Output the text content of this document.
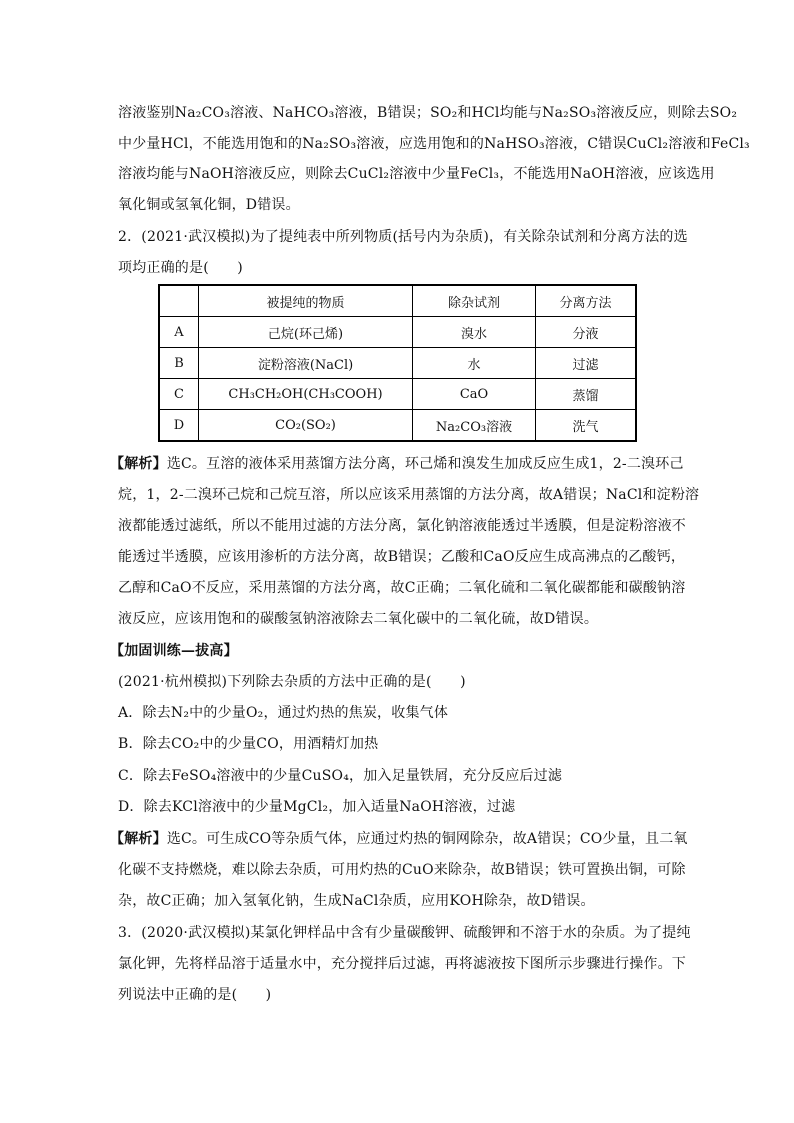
溶液鉴别Na₂CO₃溶液、NaHCO₃溶液，B错误；SO₂和HCl均能与Na₂SO₃溶液反应，则除去SO₂
中少量HCl，不能选用饱和的Na₂SO₃溶液，应选用饱和的NaHSO₃溶液，C错误CuCl₂溶液和FeCl₃
溶液均能与NaOH溶液反应，则除去CuCl₂溶液中少量FeCl₃，不能选用NaOH溶液，应该选用
氧化铜或氢氧化铜，D错误。
2．(2021·武汉模拟)为了提纯表中所列物质(括号内为杂质)，有关除杂试剂和分离方法的选
项均正确的是(　　)
	被提纯的物质	除杂试剂	分离方法
A	己烷(环己烯)	溴水	分液
B	淀粉溶液(NaCl)	水	过滤
C	CH₃CH₂OH(CH₃COOH)	CaO	蒸馏
D	CO₂(SO₂)	Na₂CO₃溶液	洗气
【解析】选C。互溶的液体采用蒸馏方法分离，环己烯和溴发生加成反应生成1，2-二溴环己
烷，1，2-二溴环己烷和己烷互溶，所以应该采用蒸馏的方法分离，故A错误；NaCl和淀粉溶
液都能透过滤纸，所以不能用过滤的方法分离，氯化钠溶液能透过半透膜，但是淀粉溶液不
能透过半透膜，应该用渗析的方法分离，故B错误；乙酸和CaO反应生成高沸点的乙酸钙，
乙醇和CaO不反应，采用蒸馏的方法分离，故C正确；二氧化硫和二氧化碳都能和碳酸钠溶
液反应，应该用饱和的碳酸氢钠溶液除去二氧化碳中的二氧化硫，故D错误。
【加固训练—拔高】
(2021·杭州模拟)下列除去杂质的方法中正确的是(　　)
A．除去N₂中的少量O₂，通过灼热的焦炭，收集气体
B．除去CO₂中的少量CO，用酒精灯加热
C．除去FeSO₄溶液中的少量CuSO₄，加入足量铁屑，充分反应后过滤
D．除去KCl溶液中的少量MgCl₂，加入适量NaOH溶液，过滤
【解析】选C。可生成CO等杂质气体，应通过灼热的铜网除杂，故A错误；CO少量，且二氧
化碳不支持燃烧，难以除去杂质，可用灼热的CuO来除杂，故B错误；铁可置换出铜，可除
杂，故C正确；加入氢氧化钠，生成NaCl杂质，应用KOH除杂，故D错误。
3．(2020·武汉模拟)某氯化钾样品中含有少量碳酸钾、硫酸钾和不溶于水的杂质。为了提纯
氯化钾，先将样品溶于适量水中，充分搅拌后过滤，再将滤液按下图所示步骤进行操作。下
列说法中正确的是(　　)
